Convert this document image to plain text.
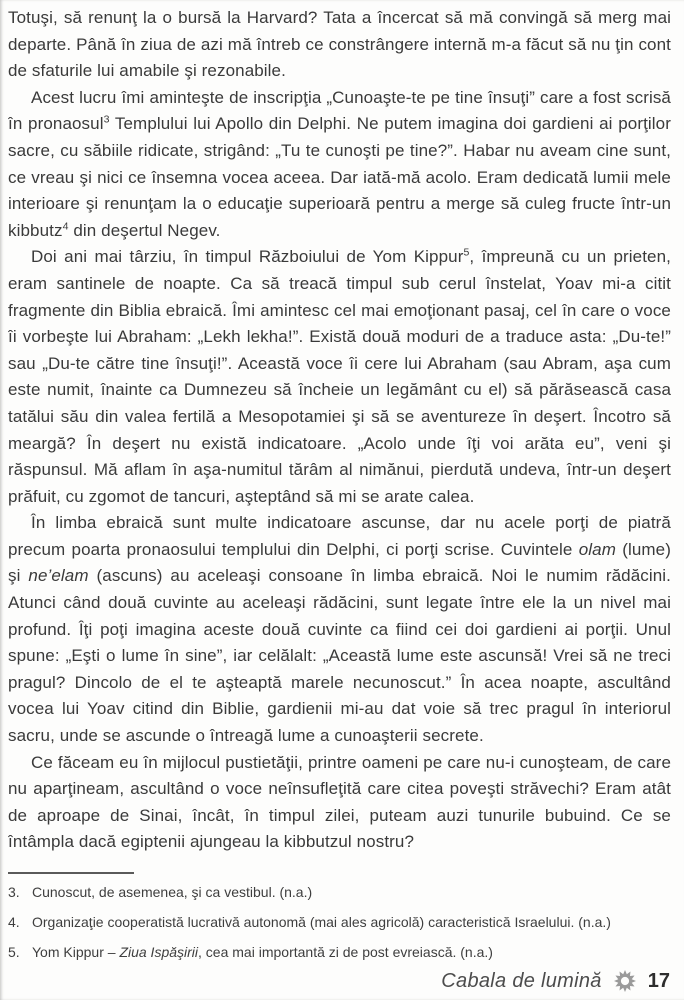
Totuşi, să renunţ la o bursă la Harvard? Tata a încercat să mă convingă să merg mai departe. Până în ziua de azi mă întreb ce constrângere internă m-a făcut să nu ţin cont de sfaturile lui amabile şi rezonabile.

Acest lucru îmi aminteşte de inscripţia „Cunoaşte-te pe tine însuţi” care a fost scrisă în pronaosul$^3$ Templului lui Apollo din Delphi. Ne putem imagina doi gardieni ai porţilor sacre, cu săbiile ridicate, strigând: „Tu te cunoşti pe tine?”. Habar nu aveam cine sunt, ce vreau şi nici ce însemna vocea aceea. Dar iată-mă acolo. Eram dedicată lumii mele interioare şi renunţam la o educaţie superioară pentru a merge să culeg fructe într-un kibbutz$^4$ din deşertul Negev.

Doi ani mai târziu, în timpul Războiului de Yom Kippur$^5$, împreună cu un prieten, eram santinele de noapte. Ca să treacă timpul sub cerul înstelat, Yoav mi-a citit fragmente din Biblia ebraică. Îmi amintesc cel mai emoţionant pasaj, cel în care o voce îi vorbeşte lui Abraham: „Lekh lekha!”. Există două moduri de a traduce asta: „Du-te!” sau „Du-te către tine însuţi!”. Această voce îi cere lui Abraham (sau Abram, aşa cum este numit, înainte ca Dumnezeu să încheie un legământ cu el) să părăsească casa tatălui său din valea fertilă a Mesopotamiei şi să se aventureze în deşert. Încotro să meargă? În deşert nu există indicatoare. „Acolo unde îţi voi arăta eu”, veni şi răspunsul. Mă aflam în aşa-numitul tărâm al nimănui, pierdută undeva, într-un deşert prăfuit, cu zgomot de tancuri, aşteptând să mi se arate calea.

În limba ebraică sunt multe indicatoare ascunse, dar nu acele porţi de piatră precum poarta pronaosului templului din Delphi, ci porţi scrise. Cuvintele olam (lume) şi ne’elam (ascuns) au aceleaşi consoane în limba ebraică. Noi le numim rădăcini. Atunci când două cuvinte au aceleaşi rădăcini, sunt legate între ele la un nivel mai profund. Îţi poţi imagina aceste două cuvinte ca fiind cei doi gardieni ai porţii. Unul spune: „Eşti o lume în sine”, iar celălalt: „Această lume este ascunsă! Vrei să ne treci pragul? Dincolo de el te aşteaptă marele necunoscut.” În acea noapte, ascultând vocea lui Yoav citind din Biblie, gardienii mi-au dat voie să trec pragul în interiorul sacru, unde se ascunde o întreagă lume a cunoaşterii secrete.

Ce făceam eu în mijlocul pustietăţii, printre oameni pe care nu-i cunoşteam, de care nu aparţineam, ascultând o voce neînsufleţită care citea poveşti străvechi? Eram atât de aproape de Sinai, încât, în timpul zilei, puteam auzi tunurile bubuind. Ce se întâmpla dacă egiptenii ajungeau la kibbutzul nostru?

3. Cunoscut, de asemenea, şi ca vestibul. (n.a.)
4. Organizaţie cooperatistă lucrativă autonomă (mai ales agricolă) caracteristică Israelului. (n.a.)
5. Yom Kippur – Ziua Ispăşirii, cea mai importantă zi de post evreiască. (n.a.)
Cabala de lumină 17
